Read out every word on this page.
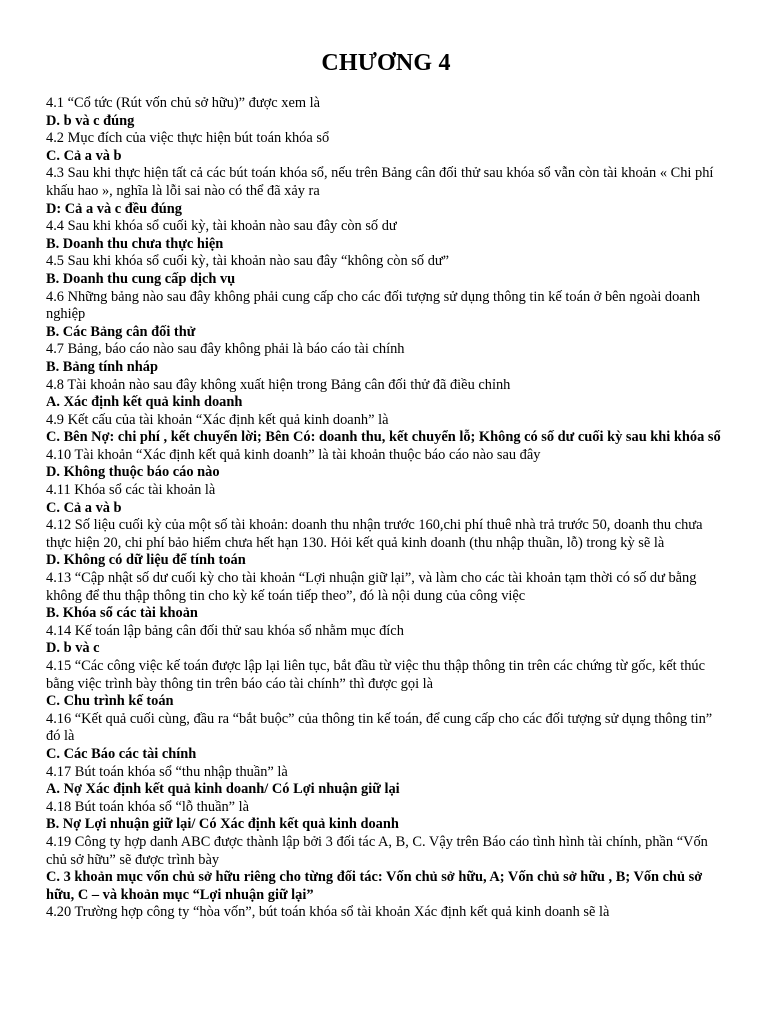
CHƯƠNG 4
4.1 “Cổ tức (Rút vốn chủ sở hữu)” được xem là
D. b và c đúng
4.2 Mục đích của việc thực hiện bút toán khóa sổ
C. Cả a và b
4.3 Sau khi thực hiện tất cả các bút toán khóa sổ, nếu trên Bảng cân đối thử sau khóa sổ vẫn còn tài khoản « Chi phí khấu hao », nghĩa là lỗi sai nào có thể đã xảy ra
D: Cả a và c đều đúng
4.4 Sau khi khóa sổ cuối kỳ, tài khoản nào sau đây còn số dư
B. Doanh thu chưa thực hiện
4.5 Sau khi khóa sổ cuối kỳ, tài khoản nào sau đây “không còn số dư”
B. Doanh thu cung cấp dịch vụ
4.6 Những bảng nào sau đây không phải cung cấp cho các đối tượng sử dụng thông tin kế toán ở bên ngoài doanh nghiệp
B. Các Bảng cân đối thử
4.7 Bảng, báo cáo nào sau đây không phải là báo cáo tài chính
B. Bảng tính nháp
4.8 Tài khoản nào sau đây không xuất hiện trong Bảng cân đối thử đã điều chỉnh
A. Xác định kết quả kinh doanh
4.9 Kết cấu của tài khoản “Xác định kết quả kinh doanh” là
C. Bên Nợ: chi phí , kết chuyển lời; Bên Có: doanh thu, kết chuyển lỗ; Không có số dư cuối kỳ sau khi khóa sổ
4.10 Tài khoản “Xác định kết quả kinh doanh” là tài khoản thuộc báo cáo nào sau đây
D. Không thuộc báo cáo nào
4.11 Khóa sổ các tài khoản là
C. Cả a và b
4.12 Số liệu cuối kỳ của một số tài khoản: doanh thu nhận trước 160,chi phí thuê nhà trả trước 50, doanh thu chưa thực hiện 20, chi phí bảo hiểm chưa hết hạn 130. Hỏi kết quả kinh doanh (thu nhập thuần, lỗ) trong kỳ sẽ là
D. Không có dữ liệu để tính toán
4.13 “Cập nhật số dư cuối kỳ cho tài khoản “Lợi nhuận giữ lại”, và làm cho các tài khoản tạm thời có số dư bằng không để thu thập thông tin cho kỳ kế toán tiếp theo”, đó là nội dung của công việc
B. Khóa sổ các tài khoản
4.14 Kế toán lập bảng cân đối thử sau khóa sổ nhằm mục đích
D. b và c
4.15 “Các công việc kế toán được lập lại liên tục, bắt đầu từ việc thu thập thông tin trên các chứng từ gốc, kết thúc bằng việc trình bày thông tin trên báo cáo tài chính” thì được gọi là
C. Chu trình kế toán
4.16 “Kết quả cuối cùng, đầu ra “bắt buộc” của thông tin kế toán, để cung cấp cho các đối tượng sử dụng thông tin” đó là
C. Các Báo các tài chính
4.17 Bút toán khóa sổ “thu nhập thuần” là
A. Nợ Xác định kết quả kinh doanh/ Có Lợi nhuận giữ lại
4.18 Bút toán khóa sổ “lỗ thuần” là
B. Nợ Lợi nhuận giữ lại/ Có Xác định kết quả kinh doanh
4.19 Công ty hợp danh ABC được thành lập bởi 3 đối tác A, B, C. Vậy trên Báo cáo tình hình tài chính, phần “Vốn chủ sở hữu” sẽ được trình bày
C. 3 khoản mục vốn chủ sở hữu riêng cho từng đối tác: Vốn chủ sở hữu, A; Vốn chủ sở hữu , B; Vốn chủ sở hữu, C – và khoản mục “Lợi nhuận giữ lại”
4.20 Trường hợp công ty “hòa vốn”, bút toán khóa sổ tài khoản Xác định kết quả kinh doanh sẽ là
